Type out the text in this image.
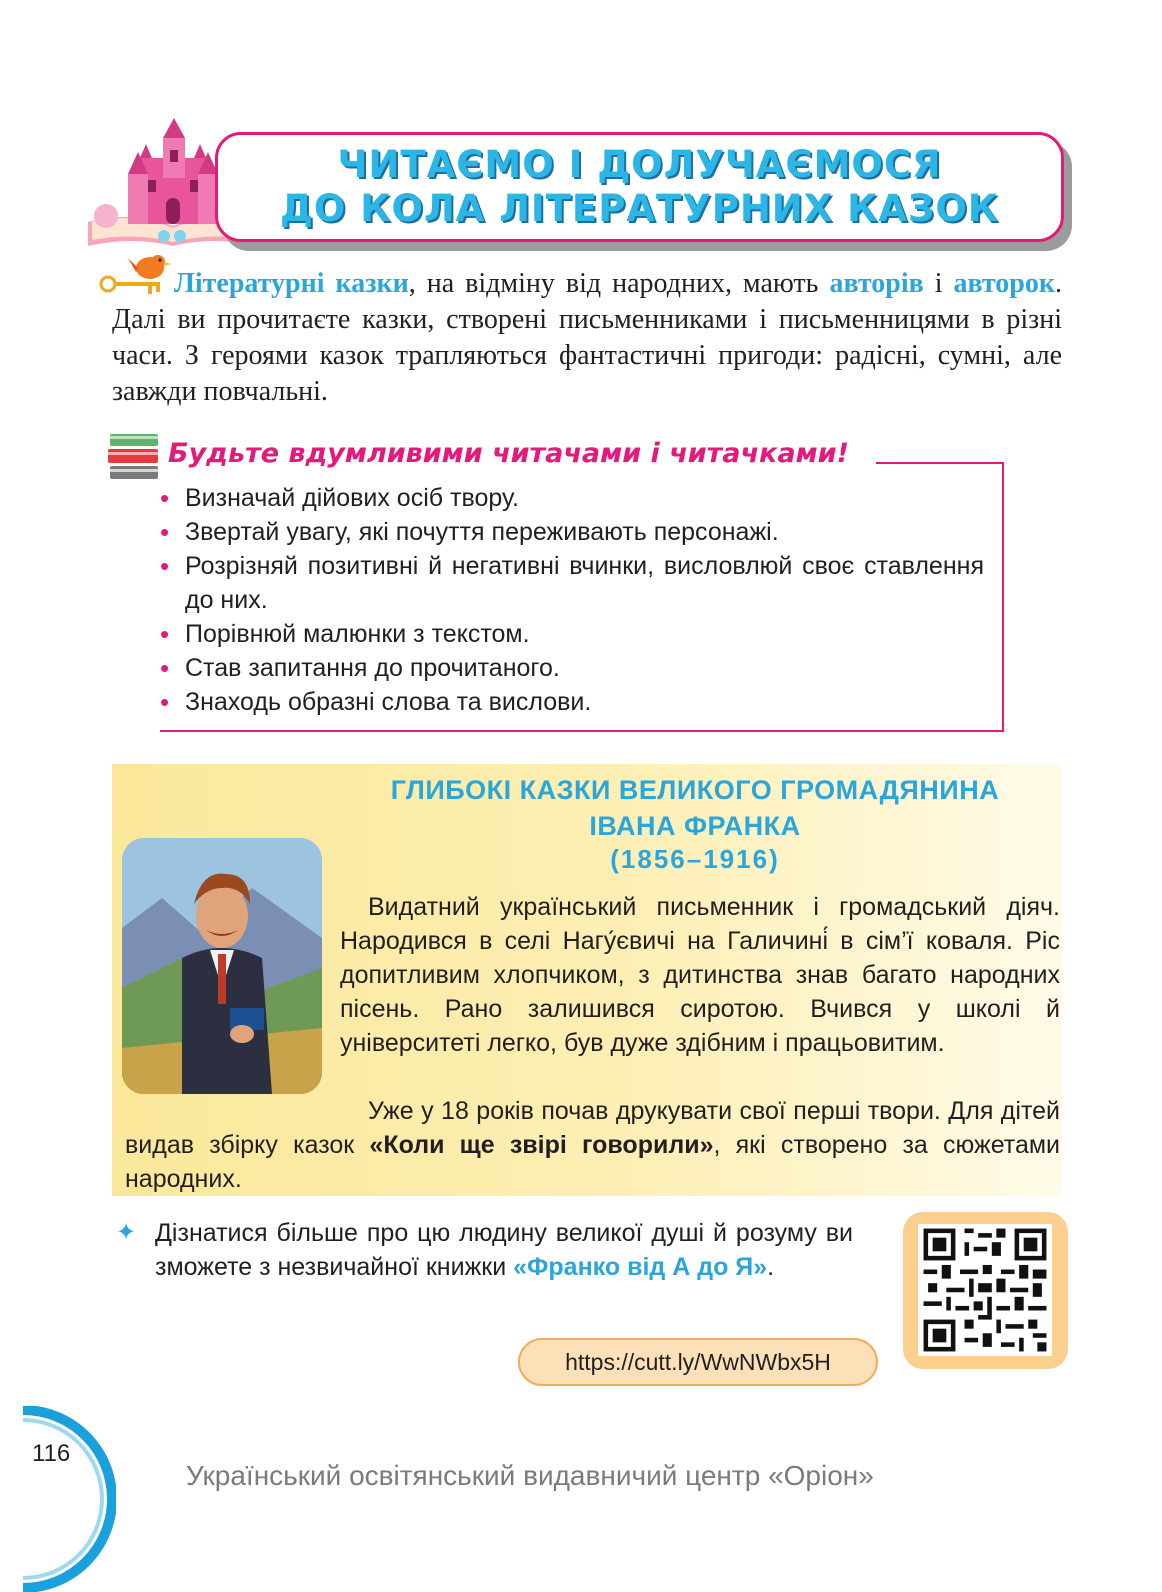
ЧИТАЄМО І ДОЛУЧАЄМОСЯ
ДО КОЛА ЛІТЕРАТУРНИХ КАЗОК

Літературні казки, на відміну від народних, мають авторів і авторок. Далі ви прочитаєте казки, створені письменниками і письменницями в різні часи. З героями казок трапляються фантастичні пригоди: радісні, сумні, але завжди повчальні.

Будьте вдумливими читачами і читачками!
• Визначай дійових осіб твору.
• Звертай увагу, які почуття переживають персонажі.
• Розрізняй позитивні й негативні вчинки, висловлюй своє ставлення до них.
• Порівнюй малюнки з текстом.
• Став запитання до прочитаного.
• Знаходь образні слова та вислови.
ГЛИБОКІ КАЗКИ ВЕЛИКОГО ГРОМАДЯНИНА
ІВАНА ФРАНКА
(1856–1916)

Видатний український письменник і громадський діяч. Народився в селі Нагу́євичі на Галичині́ в сім’ї коваля. Ріс допитливим хлопчиком, з дитинства знав багато народних пісень. Рано залишився сиротою. Вчився у школі й університеті легко, був дуже здібним і працьовитим.

Уже у 18 років почав друкувати свої перші твори. Для дітей видав збірку казок «Коли ще звірі говорили», які створено за сюжетами народних.

✦ Дізнатися більше про цю людину великої душі й розуму ви зможете з незвичайної книжки «Франко від А до Я».

https://cutt.ly/WwNWbx5H
116
Український освітянський видавничий центр «Оріон»
